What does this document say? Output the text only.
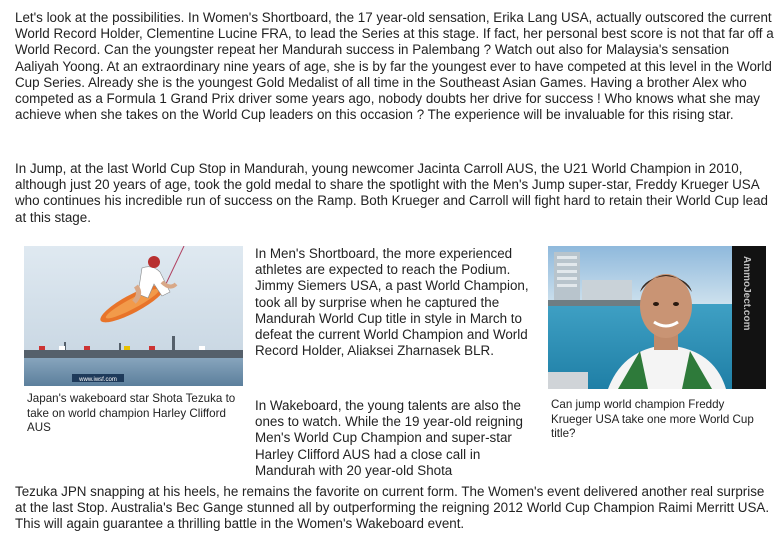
Let's look at the possibilities. In Women's Shortboard, the 17 year-old sensation, Erika Lang USA, actually outscored the current World Record Holder, Clementine Lucine FRA, to lead the Series at this stage. If fact, her personal best score is not that far off a World Record. Can the youngster repeat her Mandurah success in Palembang ? Watch out also for Malaysia's sensation Aaliyah Yoong. At an extraordinary nine years of age, she is by far the youngest ever to have competed at this level in the World Cup Series. Already she is the youngest Gold Medalist of all time in the Southeast Asian Games. Having a brother Alex who competed as a Formula 1 Grand Prix driver some years ago, nobody doubts her drive for success ! Who knows what she may achieve when she takes on the World Cup leaders on this occasion ? The experience will be invaluable for this rising star.

In Jump, at the last World Cup Stop in Mandurah, young newcomer Jacinta Carroll AUS, the U21 World Champion in 2010, although just 20 years of age, took the gold medal to share the spotlight with the Men's Jump super-star, Freddy Krueger USA who continues his incredible run of success on the Ramp. Both Krueger and Carroll will fight hard to retain their World Cup lead at this stage.

www.iwsf.com

Japan's wakeboard star Shota Tezuka to take on world champion Harley Clifford AUS

In Men's Shortboard, the more experienced athletes are expected to reach the Podium. Jimmy Siemers USA, a past World Champion, took all by surprise when he captured the Mandurah World Cup title in style in March to defeat the current World Champion and World Record Holder, Aliaksei Zharnasek BLR.

In Wakeboard, the young talents are also the ones to watch. While the 19 year-old reigning Men's World Cup Champion and super-star Harley Clifford AUS had a close call in Mandurah with 20 year-old Shota

AmmoJect.com

Can jump world champion Freddy Krueger USA take one more World Cup title?

Tezuka JPN snapping at his heels, he remains the favorite on current form. The Women's event delivered another real surprise at the last Stop. Australia's Bec Gange stunned all by outperforming the reigning 2012 World Cup Champion Raimi Merritt USA. This will again guarantee a thrilling battle in the Women's Wakeboard event.
